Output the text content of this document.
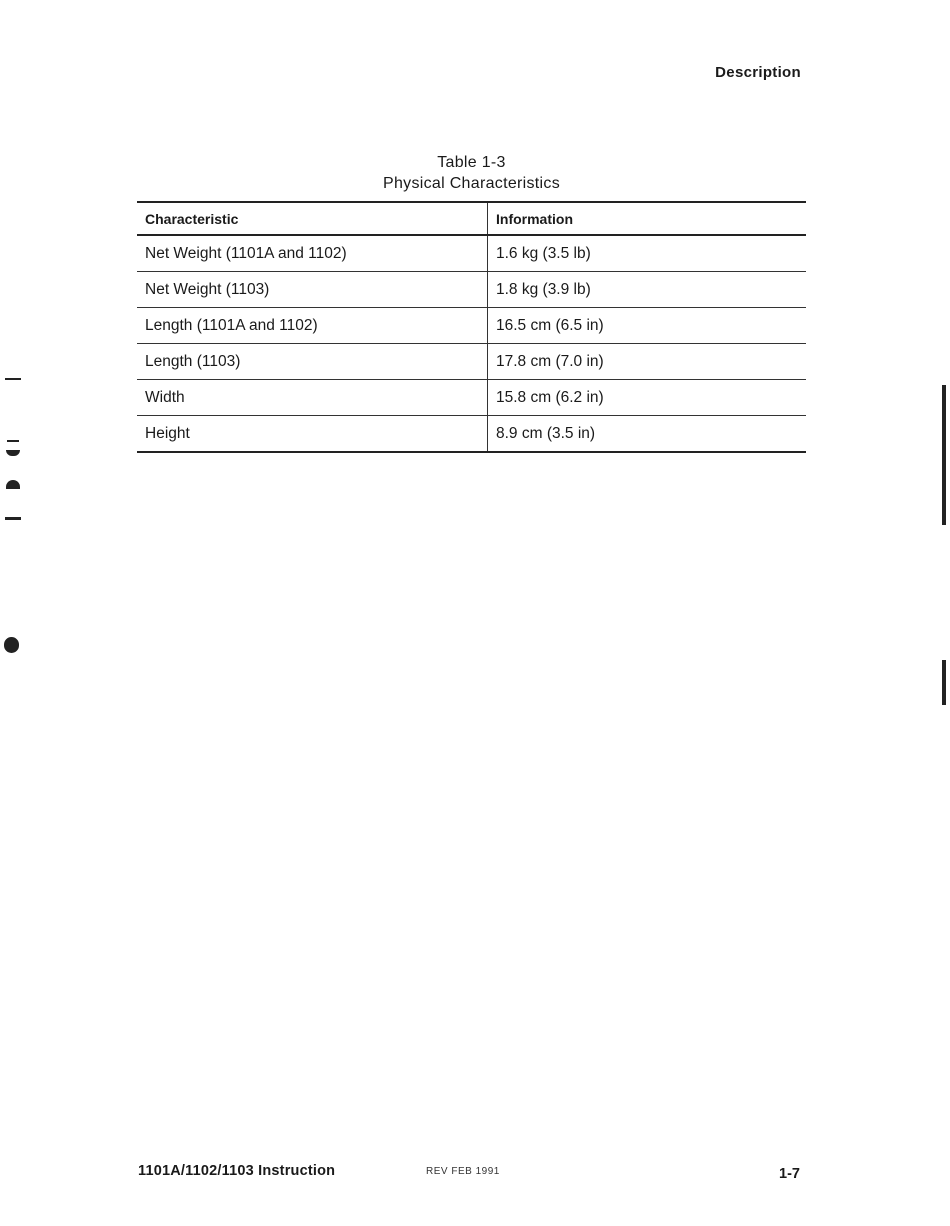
Description
Table 1-3
Physical Characteristics
Characteristic	Information
Net Weight (1101A and 1102)	1.6 kg (3.5 lb)
Net Weight (1103)	1.8 kg (3.9 lb)
Length (1101A and 1102)	16.5 cm (6.5 in)
Length (1103)	17.8 cm (7.0 in)
Width	15.8 cm (6.2 in)
Height	8.9 cm (3.5 in)
1101A/1102/1103 Instruction	REV FEB 1991	1-7
